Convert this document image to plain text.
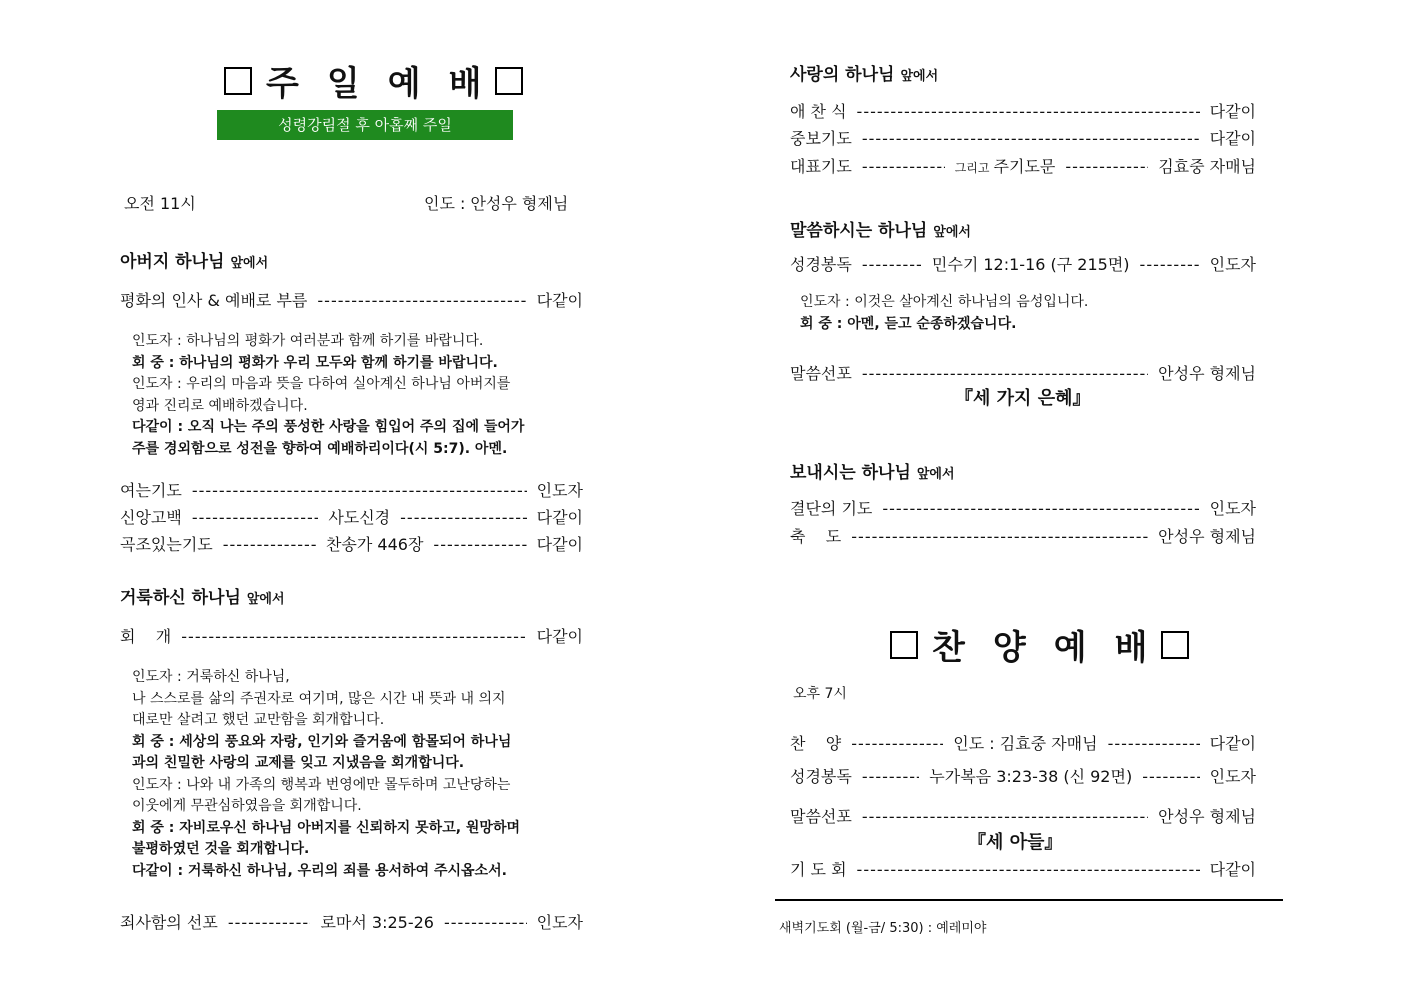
주 일 예 배
성령강림절 후 아홉째 주일
오전 11시	인도 : 안성우 형제님
아버지 하나님 앞에서
평화의 인사 & 예배로 부름 -----	다같이
인도자 : 하나님의 평화가 여러분과 함께 하기를 바랍니다.
회 중 : 하나님의 평화가 우리 모두와 함께 하기를 바랍니다.
인도자 : 우리의 마음과 뜻을 다하여 실아계신 하나님 아버지를
영과 진리로 예배하겠습니다.
다같이 : 오직 나는 주의 풍성한 사랑을 힘입어 주의 집에 들어가
주를 경외함으로 성전을 향하여 예배하리이다(시 5:7). 아멘.
여는기도 -----	인도자
신앙고백 -----	사도신경 -----	다같이
곡조있는기도 -----	찬송가 446장 -----	다같이
거룩하신 하나님 앞에서
회    개 -----	다같이
인도자 : 거룩하신 하나님,
나 스스로를 삶의 주권자로 여기며, 많은 시간 내 뜻과 내 의지
대로만 살려고 했던 교만함을 회개합니다.
회 중 : 세상의 풍요와 자랑, 인기와 즐거움에 함몰되어 하나님
과의 친밀한 사랑의 교제를 잊고 지냈음을 회개합니다.
인도자 : 나와 내 가족의 행복과 번영에만 몰두하며 고난당하는
이웃에게 무관심하였음을 회개합니다.
회 중 : 자비로우신 하나님 아버지를 신뢰하지 못하고, 원망하며
불평하였던 것을 회개합니다.
다같이 : 거룩하신 하나님, 우리의 죄를 용서하여 주시옵소서.
죄사함의 선포 -----	로마서 3:25-26 -----	인도자
사랑의 하나님 앞에서
애 찬 식 -----	다같이
중보기도 -----	다같이
대표기도 -----	그리고 주기도문 -----	김효중 자매님
말씀하시는 하나님 앞에서
성경봉독 -----	민수기 12:1-16 (구 215면) -----	인도자
인도자 : 이것은 살아계신 하나님의 음성입니다.
회 중 : 아멘, 듣고 순종하겠습니다.
말씀선포 -----	안성우 형제님
『세 가지 은혜』
보내시는 하나님 앞에서
결단의 기도 -----	인도자
축    도 -----	안성우 형제님
찬 양 예 배
오후 7시
찬    양 -----	인도 : 김효중 자매님 -----	다같이
성경봉독 -----	누가복음 3:23-38 (신 92면) -----	인도자
말씀선포 -----	안성우 형제님
『세 아들』
기 도 회 -----	다같이
새벽기도회 (월-금/ 5:30) : 예레미야
